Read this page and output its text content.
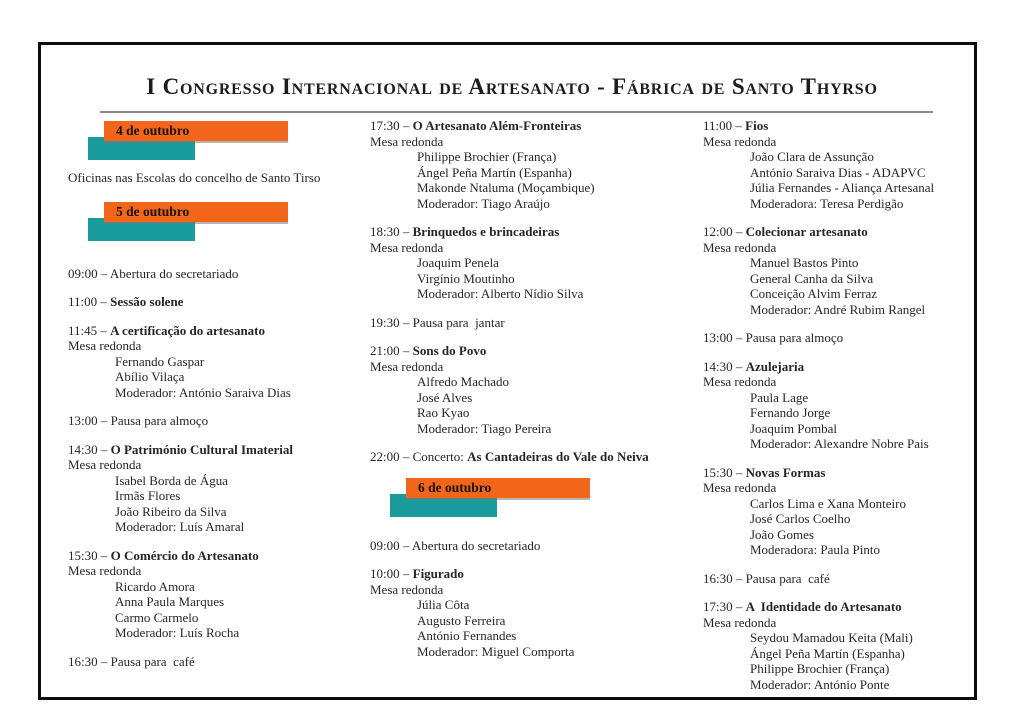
I Congresso Internacional de Artesanato - Fábrica de Santo Thyrso
4 de outubro
Oficinas nas Escolas do concelho de Santo Tirso
5 de outubro
09:00 – Abertura do secretariado
11:00 – Sessão solene
11:45 – A certificação do artesanato
Mesa redonda
Fernando Gaspar
Abílio Vilaça
Moderador: António Saraiva Dias
13:00 – Pausa para almoço
14:30 – O Património Cultural Imaterial
Mesa redonda
Isabel Borda de Água
Irmãs Flores
João Ribeiro da Silva
Moderador: Luís Amaral
15:30 – O Comércio do Artesanato
Mesa redonda
Ricardo Amora
Anna Paula Marques
Carmo Carmelo
Moderador: Luís Rocha
16:30 – Pausa para  café
17:30 – O Artesanato Além-Fronteiras
Mesa redonda
Philippe Brochier (França)
Ángel Peña Martín (Espanha)
Makonde Ntaluma (Moçambique)
Moderador: Tiago Araújo
18:30 – Brinquedos e brincadeiras
Mesa redonda
Joaquim Penela
Virgínio Moutinho
Moderador: Alberto Nídio Silva
19:30 – Pausa para  jantar
21:00 – Sons do Povo
Mesa redonda
Alfredo Machado
José Alves
Rao Kyao
Moderador: Tiago Pereira
22:00 – Concerto: As Cantadeiras do Vale do Neiva
6 de outubro
09:00 – Abertura do secretariado
10:00 – Figurado
Mesa redonda
Júlia Côta
Augusto Ferreira
António Fernandes
Moderador: Miguel Comporta
11:00 – Fios
Mesa redonda
João Clara de Assunção
António Saraiva Dias - ADAPVC
Júlia Fernandes - Aliança Artesanal
Moderadora: Teresa Perdigão
12:00 – Colecionar artesanato
Mesa redonda
Manuel Bastos Pinto
General Canha da Silva
Conceição Alvim Ferraz
Moderador: André Rubim Rangel
13:00 – Pausa para almoço
14:30 – Azulejaria
Mesa redonda
Paula Lage
Fernando Jorge
Joaquim Pombal
Moderador: Alexandre Nobre Pais
15:30 – Novas Formas
Mesa redonda
Carlos Lima e Xana Monteiro
José Carlos Coelho
João Gomes
Moderadora: Paula Pinto
16:30 – Pausa para  café
17:30 – A  Identidade do Artesanato
Mesa redonda
Seydou Mamadou Keita (Mali)
Ángel Peña Martín (Espanha)
Philippe Brochier (França)
Moderador: António Ponte
